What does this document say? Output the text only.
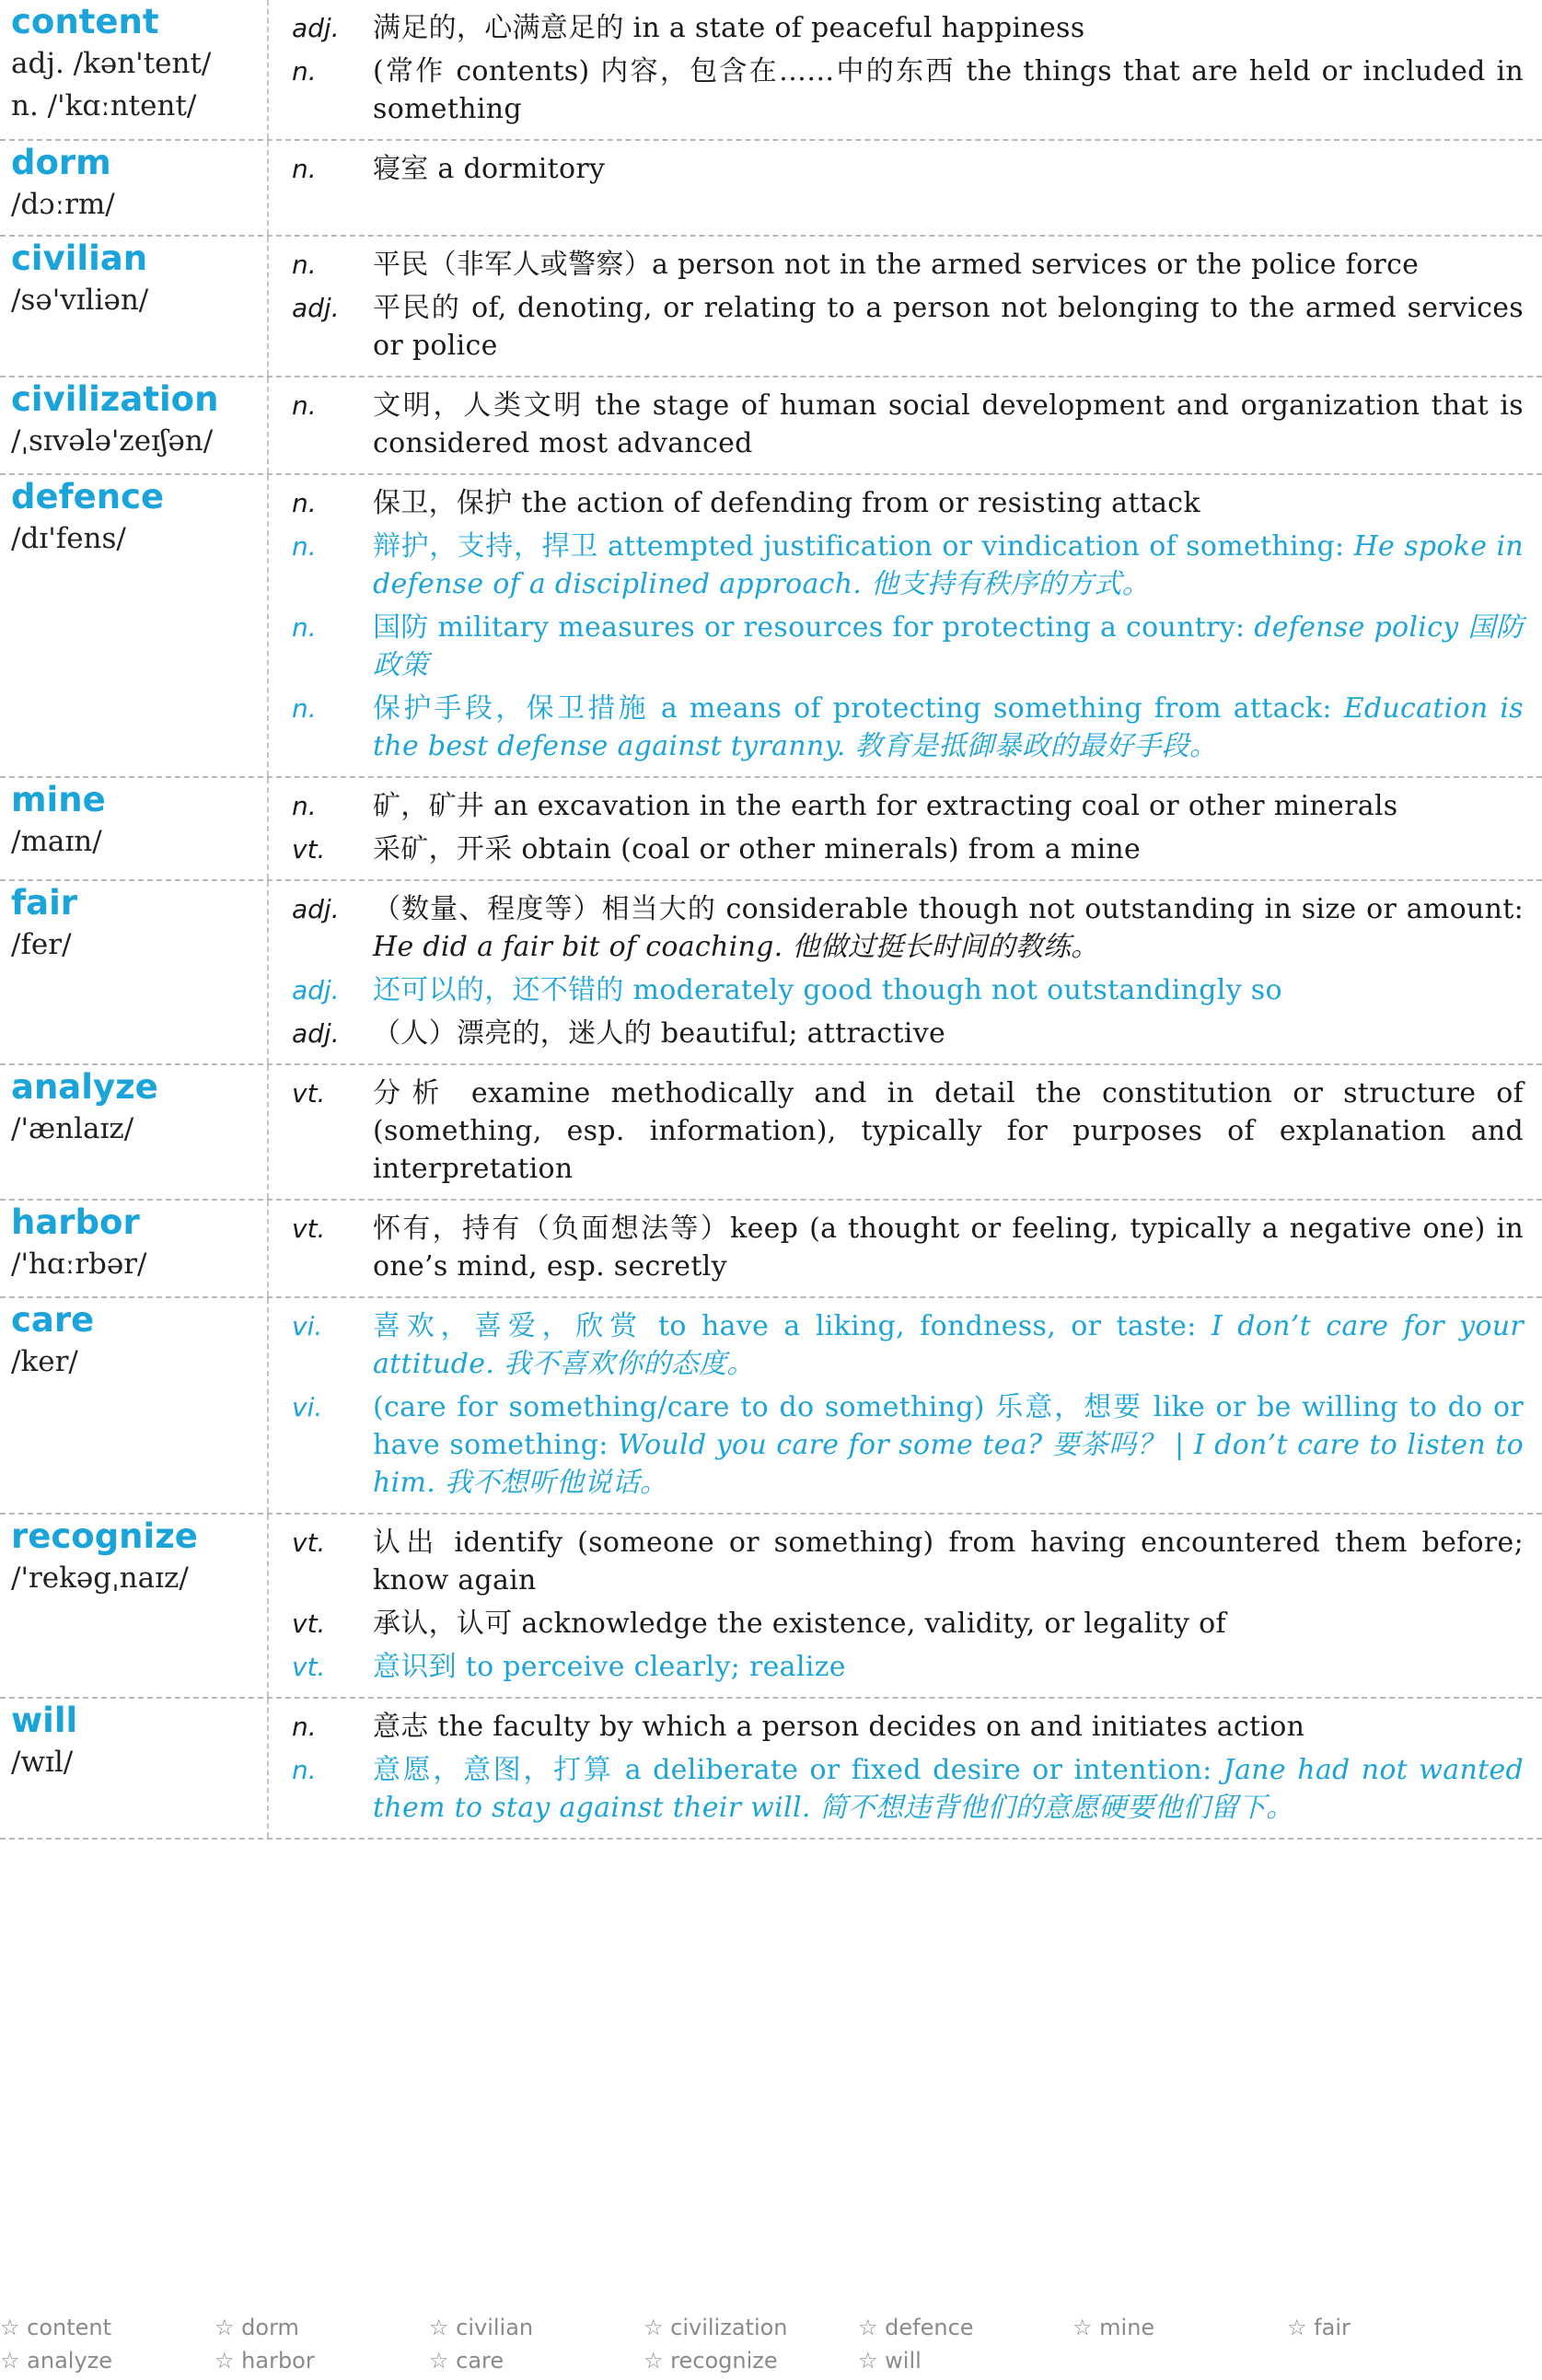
content
adj. /kən'tent/
n. /'kɑːntent/
adj.	满足的，心满意足的 in a state of peaceful happiness
n.	(常作 contents) 内容，包含在……中的东西 the things that are held or included in something
dorm
/dɔːrm/
n.	寝室 a dormitory
civilian
/sə'vɪliən/
n.	平民（非军人或警察）a person not in the armed services or the police force
adj.	平民的 of, denoting, or relating to a person not belonging to the armed services or police
civilization
/ˌsɪvələ'zeɪʃən/
n.	文明，人类文明 the stage of human social development and organization that is considered most advanced
defence
/dɪ'fens/
n.	保卫，保护 the action of defending from or resisting attack
n.	辩护，支持，捍卫 attempted justification or vindication of something: He spoke in defense of a disciplined approach. 他支持有秩序的方式。
n.	国防 military measures or resources for protecting a country: defense policy 国防政策
n.	保护手段，保卫措施 a means of protecting something from attack: Education is the best defense against tyranny. 教育是抵御暴政的最好手段。
mine
/maɪn/
n.	矿，矿井 an excavation in the earth for extracting coal or other minerals
vt.	采矿，开采 obtain (coal or other minerals) from a mine
fair
/fer/
adj.	（数量、程度等）相当大的 considerable though not outstanding in size or amount: He did a fair bit of coaching. 他做过挺长时间的教练。
adj.	还可以的，还不错的 moderately good though not outstandingly so
adj.	（人）漂亮的，迷人的 beautiful; attractive
analyze
/'ænlaɪz/
vt.	分析 examine methodically and in detail the constitution or structure of (something, esp. information), typically for purposes of explanation and interpretation
harbor
/'hɑːrbər/
vt.	怀有，持有（负面想法等）keep (a thought or feeling, typically a negative one) in one’s mind, esp. secretly
care
/ker/
vi.	喜欢，喜爱，欣赏 to have a liking, fondness, or taste: I don’t care for your attitude. 我不喜欢你的态度。
vi.	(care for something/care to do something) 乐意，想要 like or be willing to do or have something: Would you care for some tea? 要茶吗？ | I don’t care to listen to him. 我不想听他说话。
recognize
/'rekəgˌnaɪz/
vt.	认出 identify (someone or something) from having encountered them before; know again
vt.	承认，认可 acknowledge the existence, validity, or legality of
vt.	意识到 to perceive clearly; realize
will
/wɪl/
n.	意志 the faculty by which a person decides on and initiates action
n.	意愿，意图，打算 a deliberate or fixed desire or intention: Jane had not wanted them to stay against their will. 简不想违背他们的意愿硬要他们留下。
☆ content	☆ dorm	☆ civilian	☆ civilization	☆ defence	☆ mine	☆ fair
☆ analyze	☆ harbor	☆ care	☆ recognize	☆ will
